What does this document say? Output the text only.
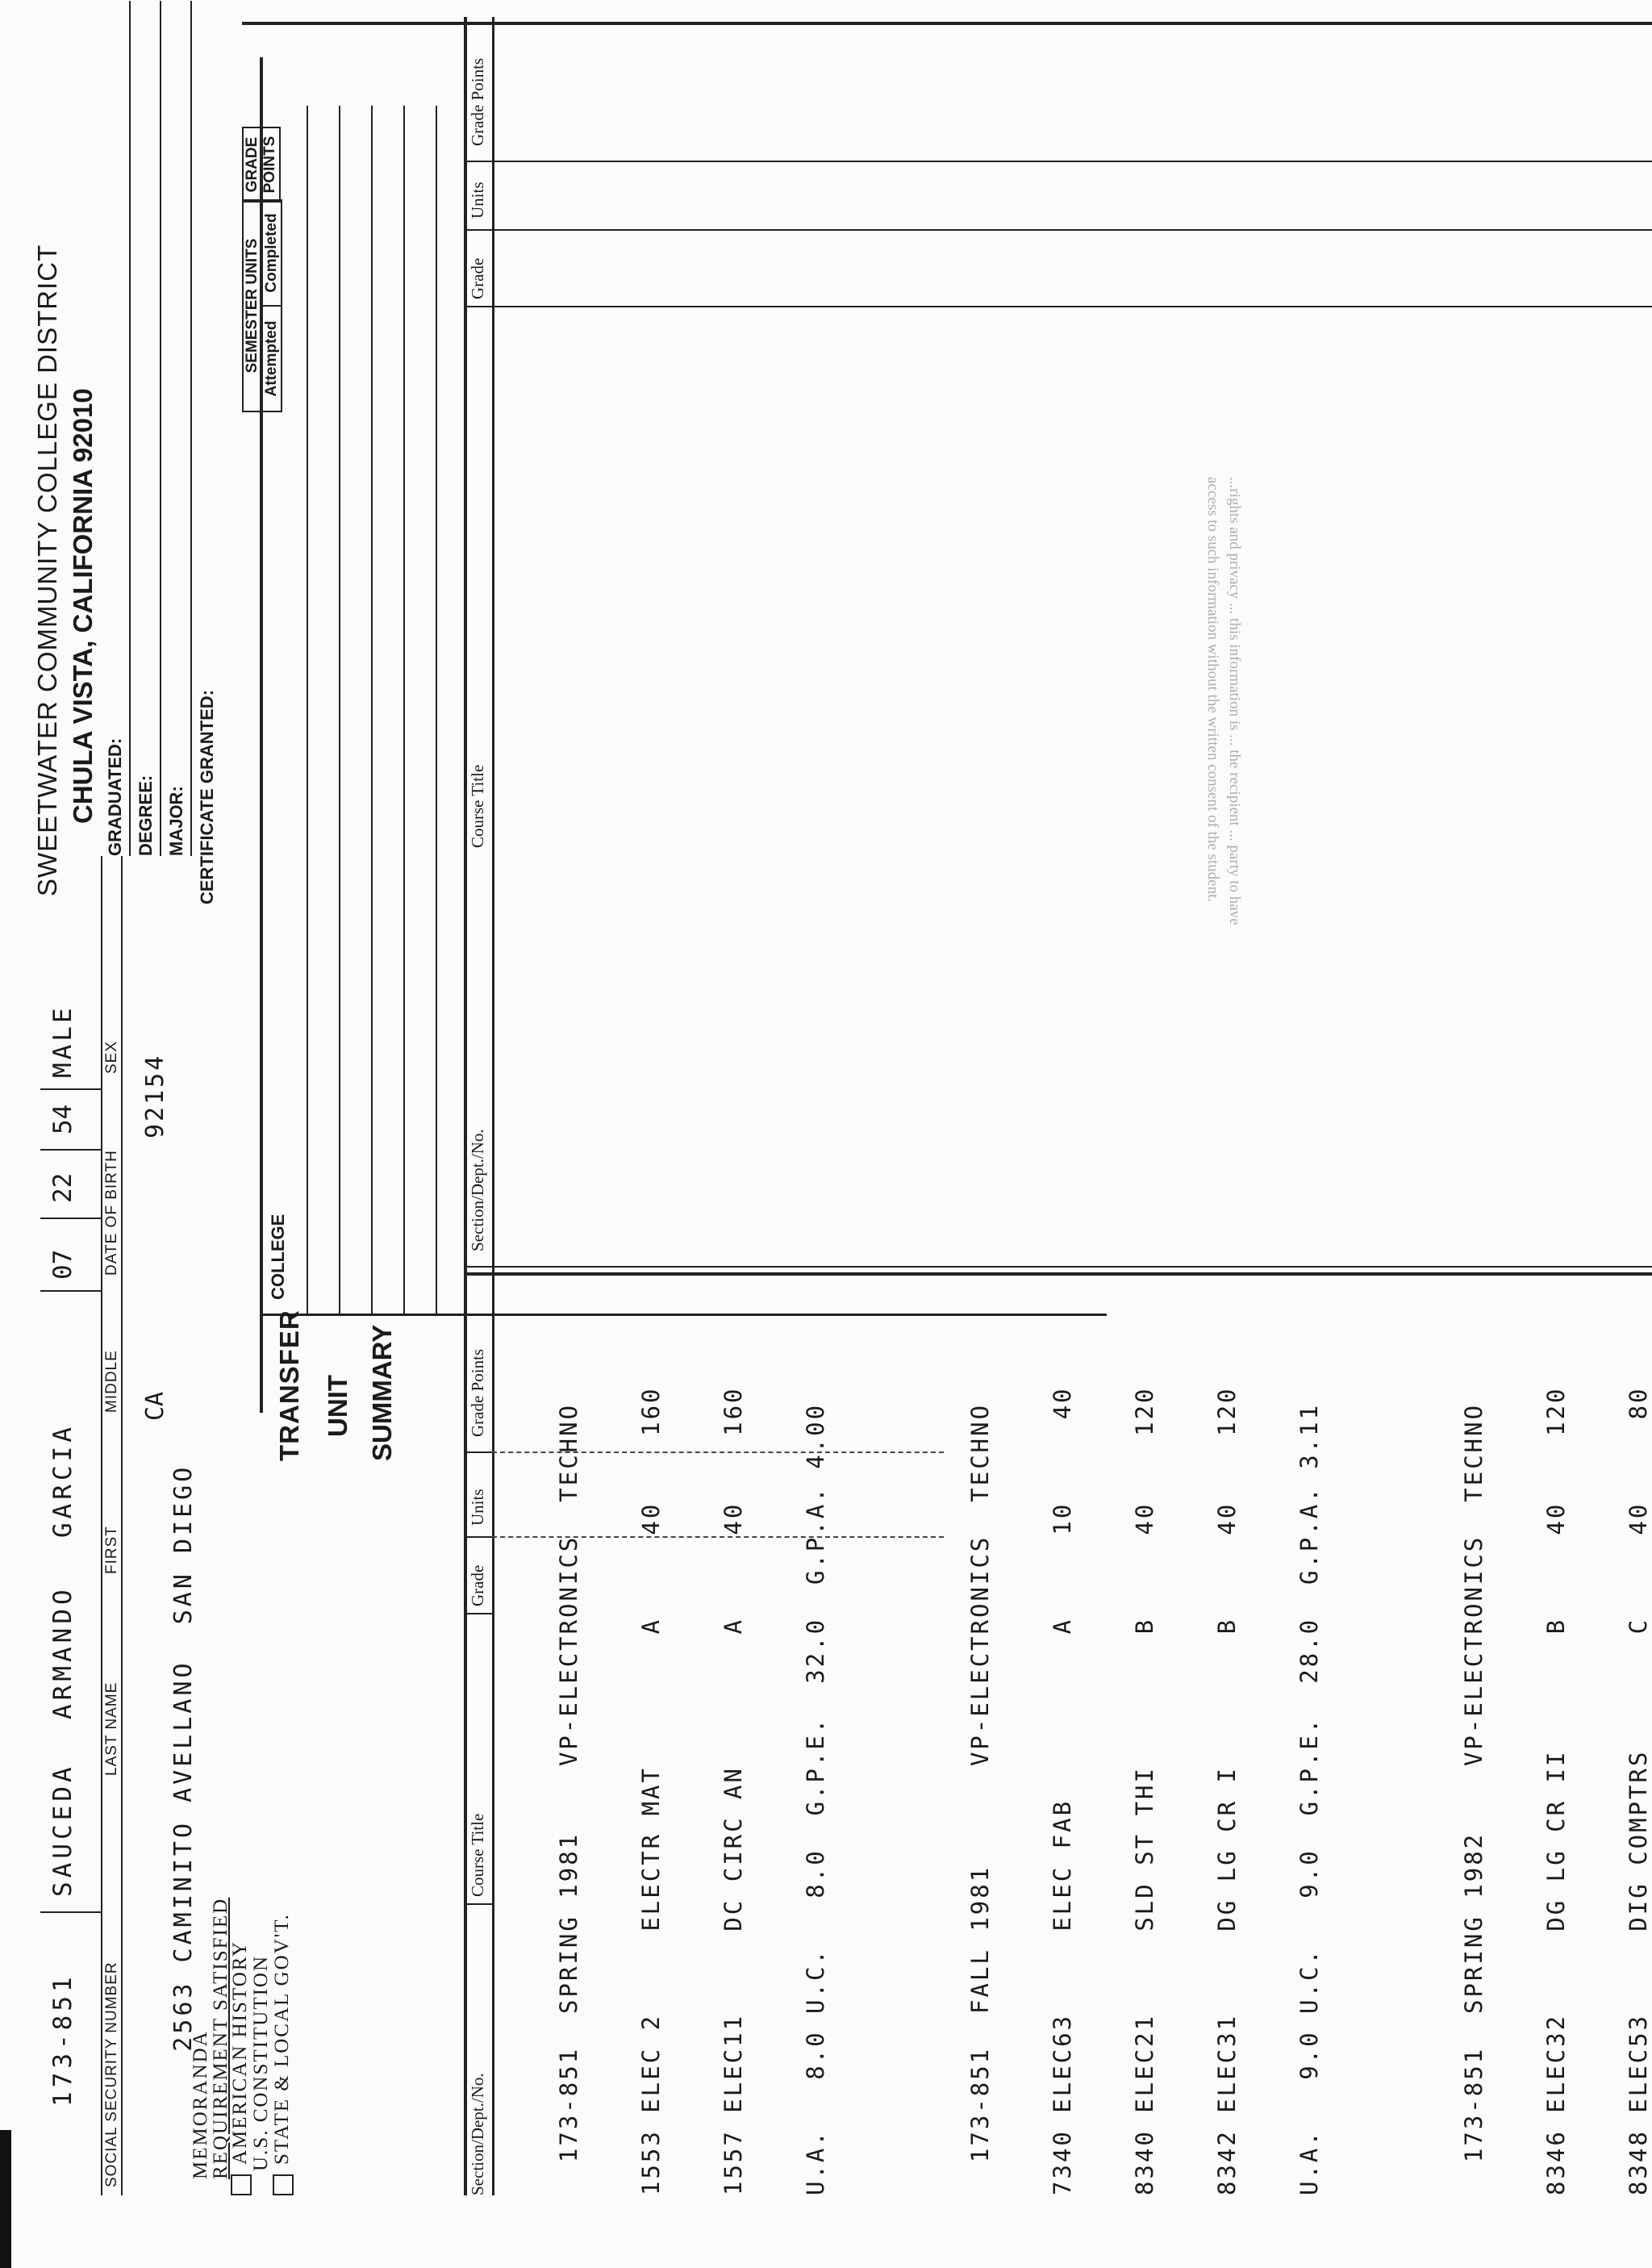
SWEETWATER COMMUNITY COLLEGE DISTRICT CHULA VISTA, CALIFORNIA 92010
173-851
SAUCEDA
ARMANDO
GARCIA
07
22
54
MALE
SOCIAL SECURITY NUMBER
LAST NAME
FIRST
MIDDLE
DATE OF BIRTH
SEX
GRADUATED: DEGREE: MAJOR: CERTIFICATE GRANTED:

2563 CAMINITO AVELLANO  SAN DIEGO

CA
92154
MEMORANDA
REQUIREMENT SATISFIED
AMERICAN HISTORY U.S. CONSTITUTION STATE & LOCAL GOV'T.
COLLEGE
TRANSFER UNIT SUMMARY
SEMESTER UNITS Attempted
Completed
GRADE POINTS
Section/Dept./No.
Course Title
Grade
Units
Grade Points
Section/Dept./No.
Course Title
Grade
Units
Grade Points

173-851  SPRING 1981    VP-ELECTRONICS  TECHNO

1553 ELEC 2     ELECTR MAT        A     40    160

1557 ELEC11     DC CIRC AN        A     40    160

U.A.   8.0 U.C.   8.0  G.P.E.  32.0  G.P.A. 4.00

	173-851  FALL 1981      VP-ELECTRONICS  TECHNO

7340 ELEC63     ELEC FAB          A     10     40

8340 ELEC21     SLD ST THI        B     40    120

8342 ELEC31     DG LG CR I        B     40    120

U.A.   9.0 U.C.   9.0  G.P.E.  28.0  G.P.A. 3.11

	173-851  SPRING 1982    VP-ELECTRONICS  TECHNO

8346 ELEC32     DG LG CR II       B     40    120

8348 ELEC53     DIG COMPTRS       C     40     80

...rights and privacy ... this information is ... the recipient ... party to have access to such information without the written consent of the student.
